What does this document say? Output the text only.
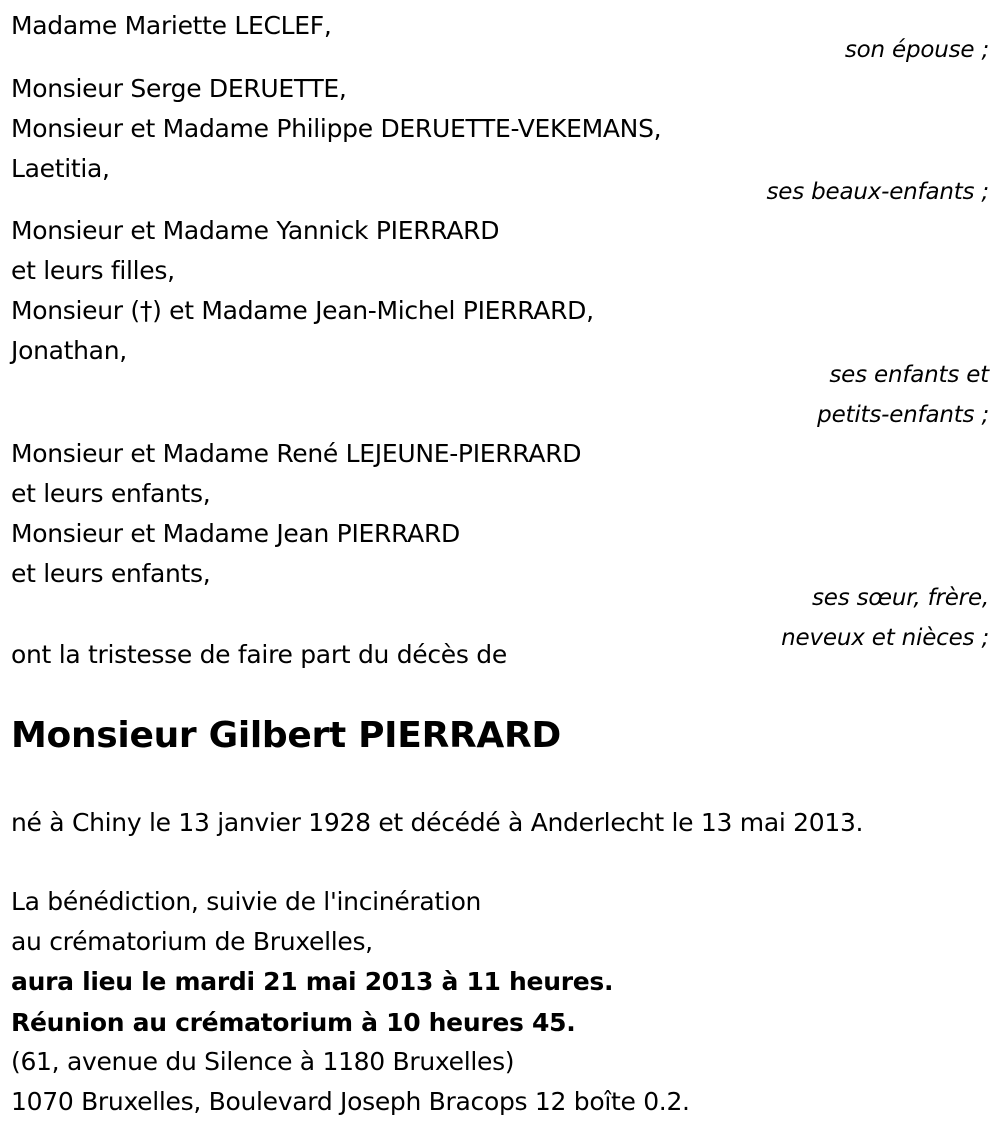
Madame Mariette LECLEF,
son épouse ;
Monsieur Serge DERUETTE,
Monsieur et Madame Philippe DERUETTE-VEKEMANS,
Laetitia,
ses beaux-enfants ;
Monsieur et Madame Yannick PIERRARD
et leurs filles,
Monsieur (†) et Madame Jean-Michel PIERRARD,
Jonathan,
ses enfants et
petits-enfants ;
Monsieur et Madame René LEJEUNE-PIERRARD
et leurs enfants,
Monsieur et Madame Jean PIERRARD
et leurs enfants,
ses sœur, frère,
neveux et nièces ;
ont la tristesse de faire part du décès de
Monsieur Gilbert PIERRARD
né à Chiny le 13 janvier 1928 et décédé à Anderlecht le 13 mai 2013.
La bénédiction, suivie de l'incinération
au crématorium de Bruxelles,
aura lieu le mardi 21 mai 2013 à 11 heures.
Réunion au crématorium à 10 heures 45.
(61, avenue du Silence à 1180 Bruxelles)
1070 Bruxelles, Boulevard Joseph Bracops 12 boîte 0.2.
